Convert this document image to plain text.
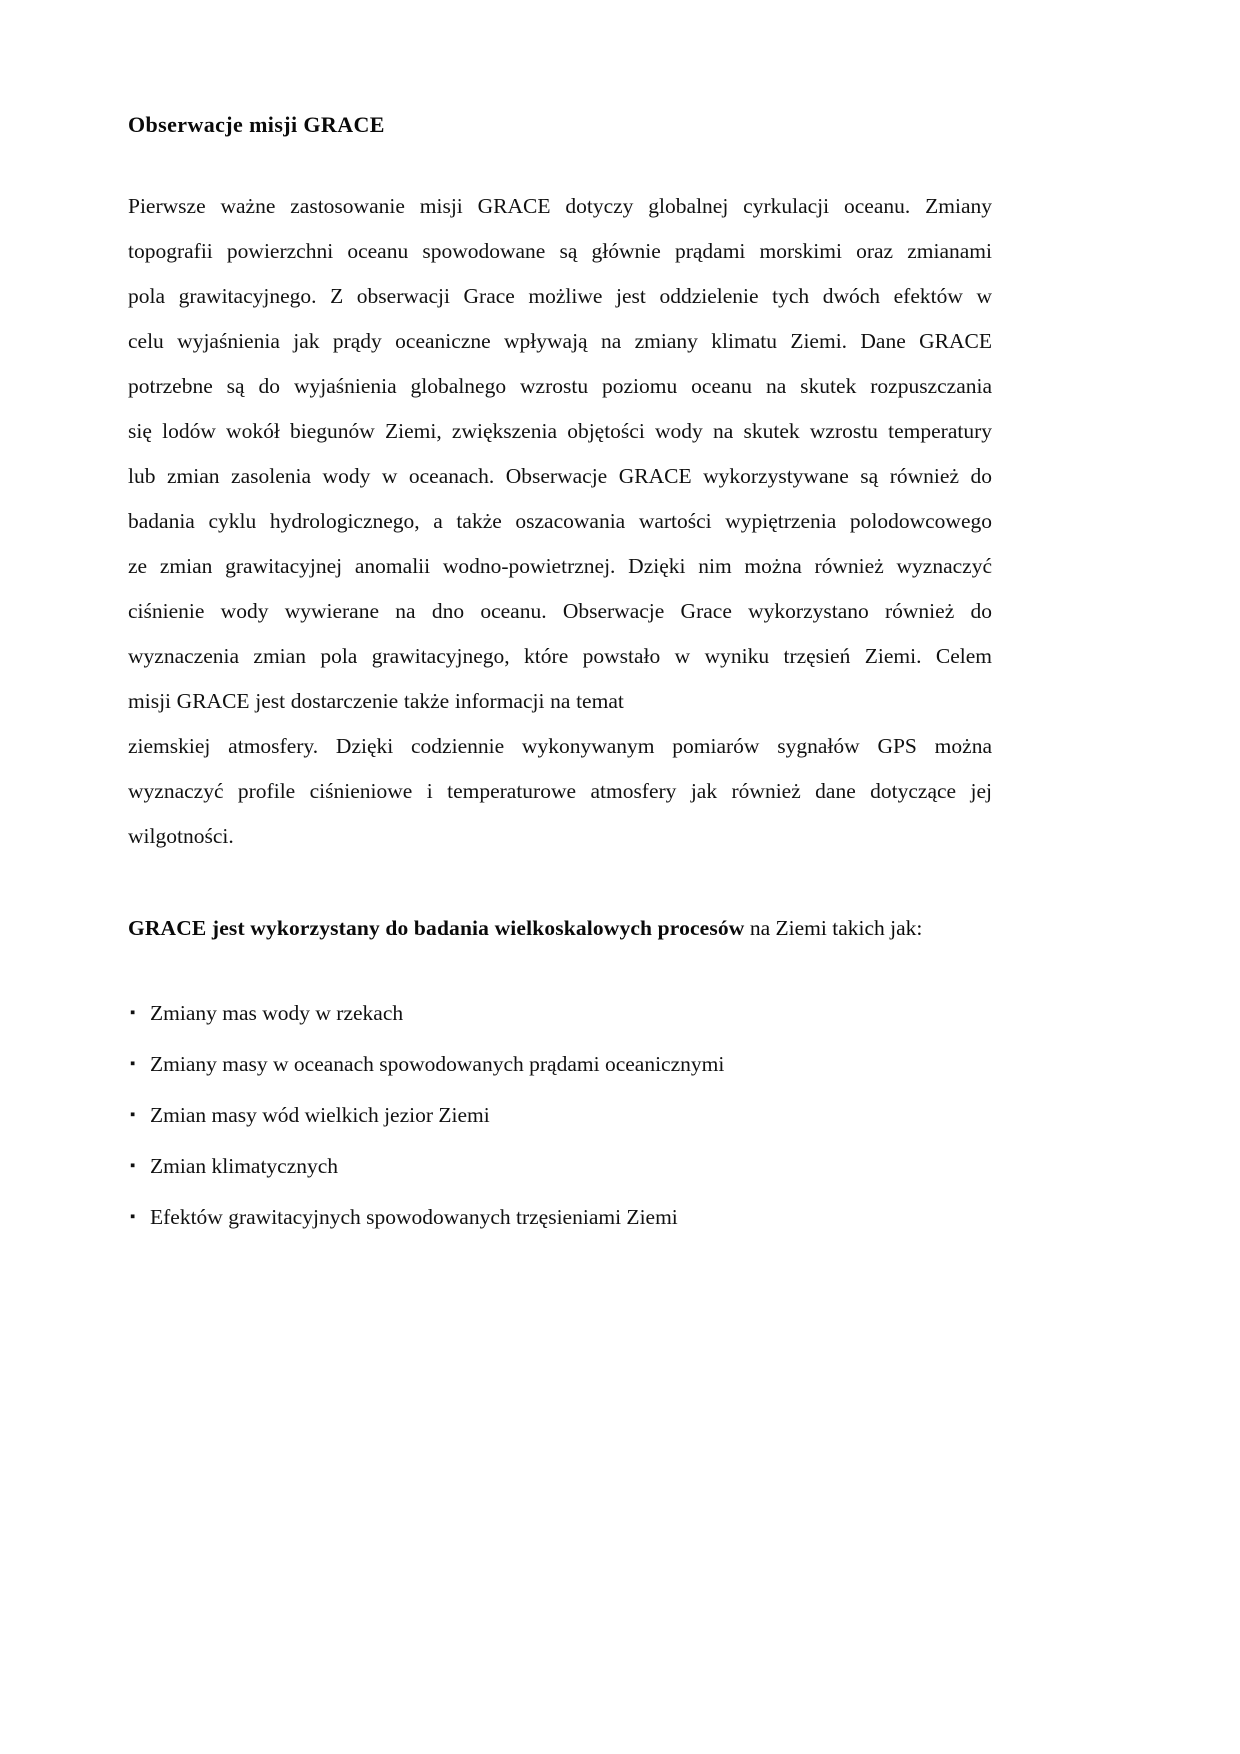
Obserwacje misji GRACE
Pierwsze ważne zastosowanie misji GRACE dotyczy globalnej cyrkulacji oceanu. Zmiany
topografii powierzchni oceanu spowodowane są głównie prądami morskimi oraz zmianami
pola grawitacyjnego. Z obserwacji Grace możliwe jest oddzielenie tych dwóch efektów w
celu wyjaśnienia jak prądy oceaniczne wpływają na zmiany klimatu Ziemi. Dane GRACE
potrzebne są do wyjaśnienia globalnego wzrostu poziomu oceanu na skutek rozpuszczania
się lodów wokół biegunów Ziemi, zwiększenia objętości wody na skutek wzrostu temperatury
lub zmian zasolenia wody w oceanach. Obserwacje GRACE wykorzystywane są również do
badania cyklu hydrologicznego, a także oszacowania wartości wypiętrzenia polodowcowego
ze zmian grawitacyjnej anomalii wodno-powietrznej. Dzięki nim można również wyznaczyć
ciśnienie wody wywierane na dno oceanu. Obserwacje Grace wykorzystano również do
wyznaczenia zmian pola grawitacyjnego, które powstało w wyniku trzęsień Ziemi. Celem
misji GRACE jest dostarczenie także informacji na temat
ziemskiej atmosfery. Dzięki codziennie wykonywanym pomiarów sygnałów GPS można
wyznaczyć profile ciśnieniowe i temperaturowe atmosfery jak również dane dotyczące jej
wilgotności.

GRACE jest wykorzystany do badania wielkoskalowych procesów na Ziemi takich jak:

▪ Zmiany mas wody w rzekach
▪ Zmiany masy w oceanach spowodowanych prądami oceanicznymi
▪ Zmian masy wód wielkich jezior Ziemi
▪ Zmian klimatycznych
▪ Efektów grawitacyjnych spowodowanych trzęsieniami Ziemi
